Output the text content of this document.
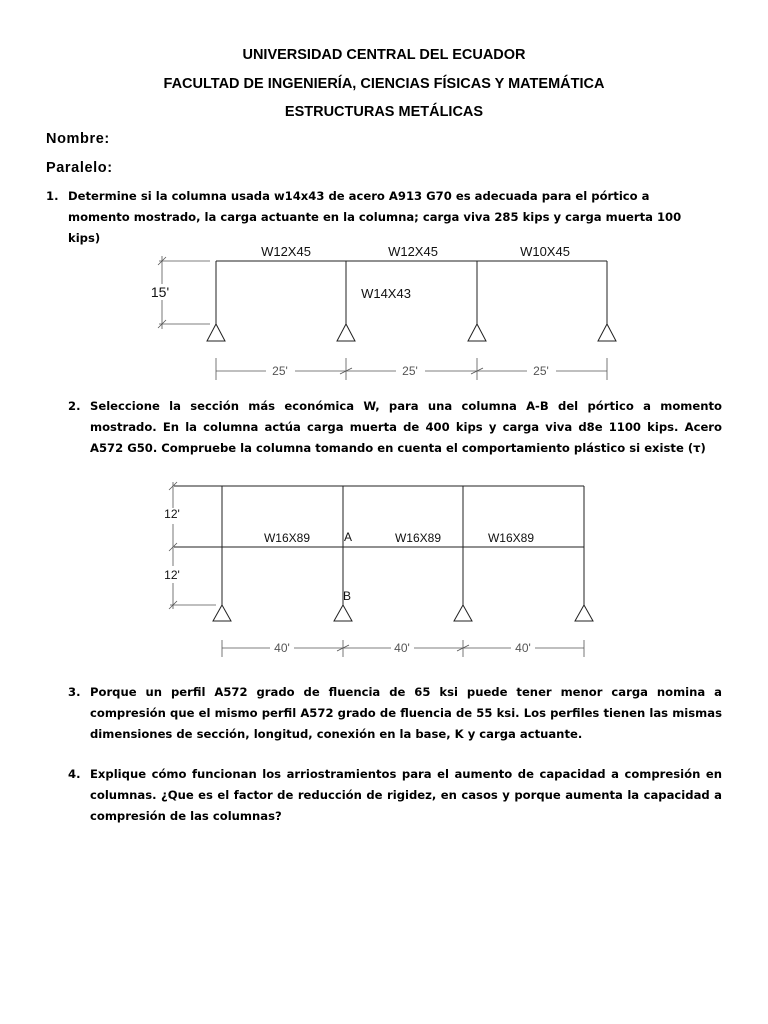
UNIVERSIDAD CENTRAL DEL ECUADOR
FACULTAD DE INGENIERÍA, CIENCIAS FÍSICAS Y MATEMÁTICA
ESTRUCTURAS METÁLICAS
Nombre:
Paralelo:
1. Determine si la columna usada w14x43 de acero A913 G70 es adecuada para el pórtico a momento mostrado, la carga actuante en la columna; carga viva 285 kips y carga muerta 100 kips)
W12X45	W12X45	W10X45
W14X43
15'
25'	25'	25'
2. Seleccione la sección más económica W, para una columna A-B del pórtico a momento mostrado. En la columna actúa carga muerta de 400 kips y carga viva d8e 1100 kips. Acero A572 G50. Compruebe la columna tomando en cuenta el comportamiento plástico si existe (τ)
W16X89	W16X89	W16X89
A
B
12'
12'
40'	40'	40'
3. Porque un perfil A572 grado de fluencia de 65 ksi puede tener menor carga nomina a compresión que el mismo perfil A572 grado de fluencia de 55 ksi. Los perfiles tienen las mismas dimensiones de sección, longitud, conexión en la base, K y carga actuante.
4. Explique cómo funcionan los arriostramientos para el aumento de capacidad a compresión en columnas. ¿Que es el factor de reducción de rigidez, en casos y porque aumenta la capacidad a compresión de las columnas?
